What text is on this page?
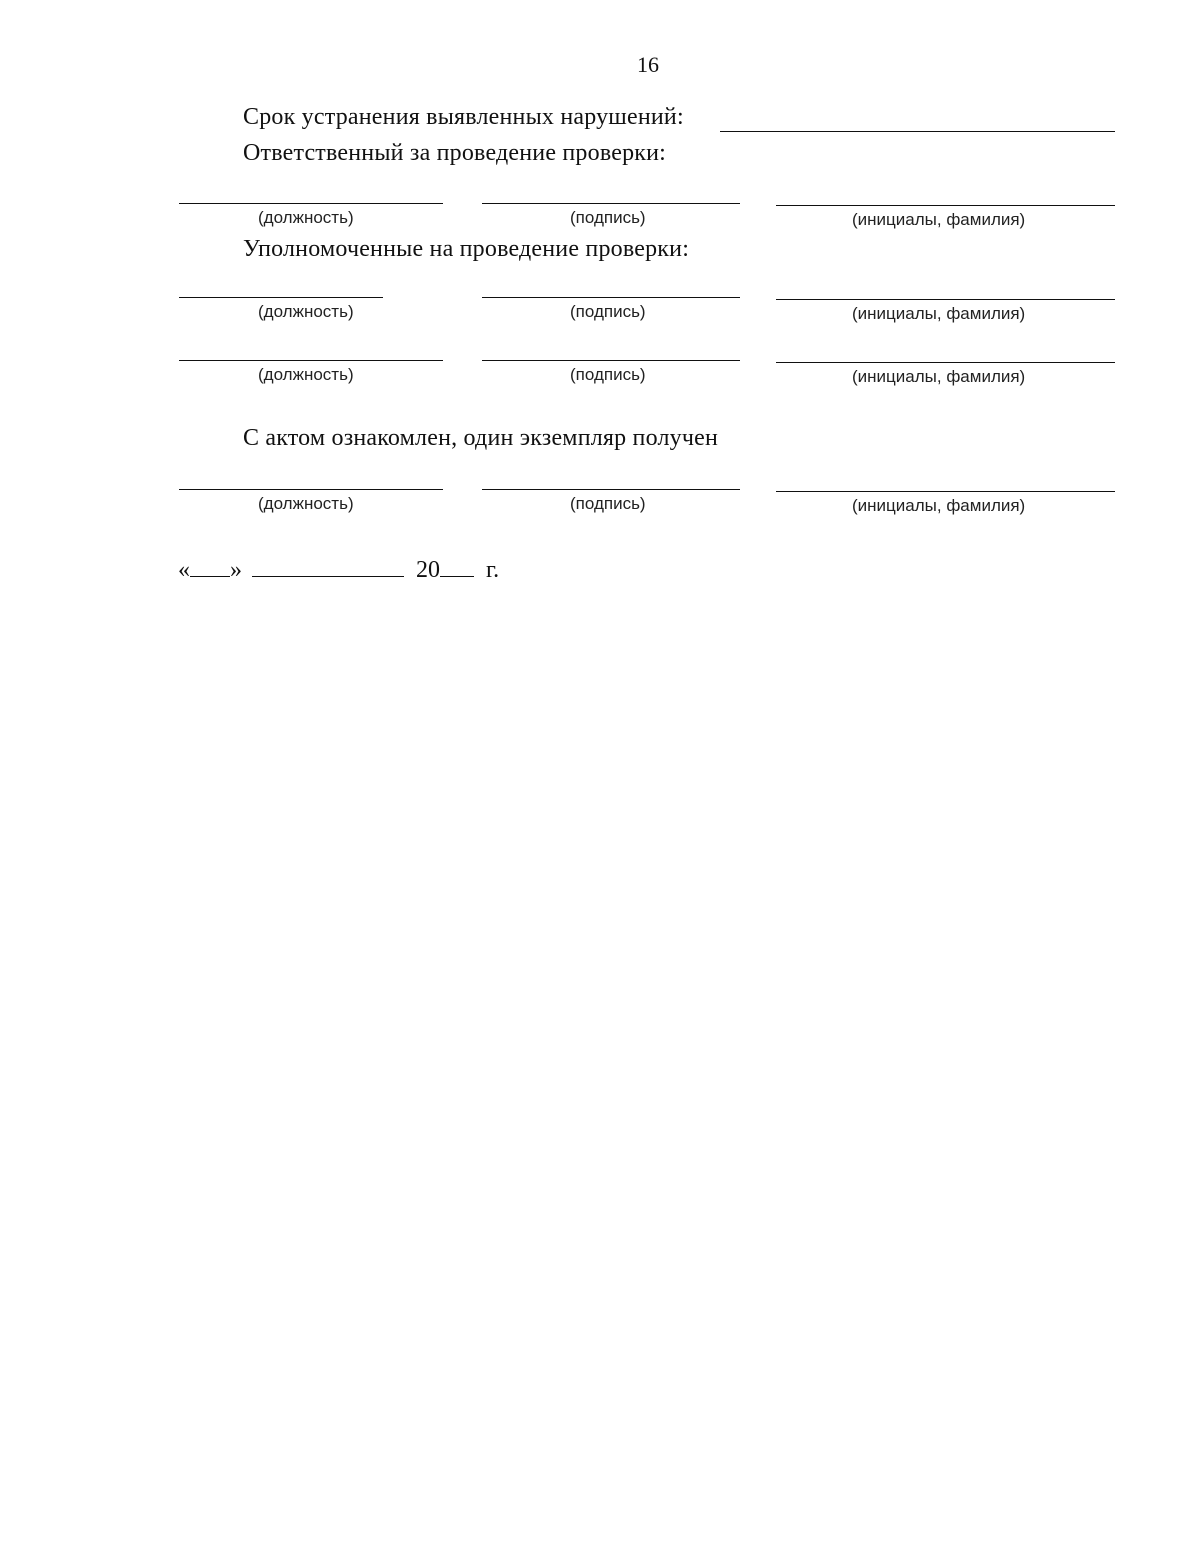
16
Срок устранения выявленных нарушений:
Ответственный за проведение проверки:
(должность)	(подпись)	(инициалы, фамилия)
Уполномоченные на проведение проверки:
(должность)	(подпись)	(инициалы, фамилия)
(должность)	(подпись)	(инициалы, фамилия)
С актом ознакомлен, один экземпляр получен
(должность)	(подпись)	(инициалы, фамилия)
« »	20 г.
